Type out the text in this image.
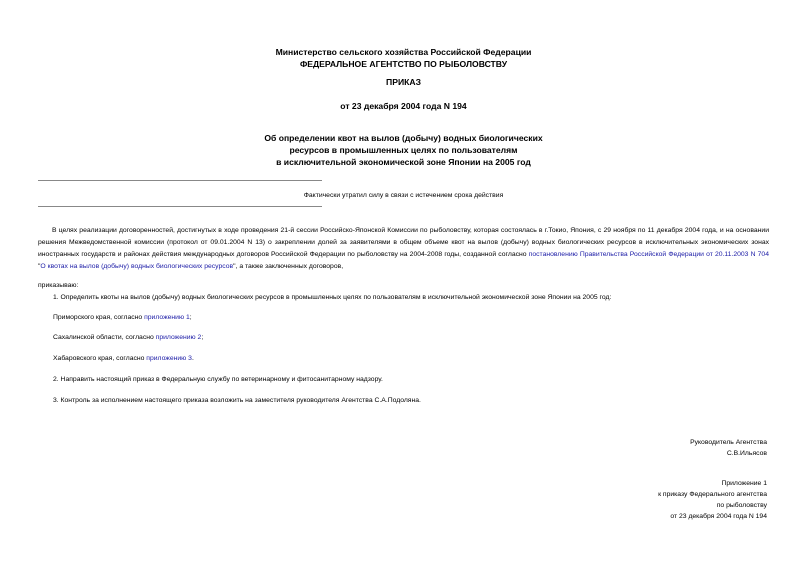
Министерство сельского хозяйства Российской Федерации
ФЕДЕРАЛЬНОЕ АГЕНТСТВО ПО РЫБОЛОВСТВУ
ПРИКАЗ
от 23 декабря 2004 года N 194
Об определении квот на вылов (добычу) водных биологических
ресурсов в промышленных целях по пользователям
в исключительной экономической зоне Японии на 2005 год
Фактически утратил силу в связи с истечением срока действия
В целях реализации договоренностей, достигнутых в ходе проведения 21-й сессии Российско-Японской Комиссии по рыболовству, которая состоялась в г.Токио, Япония, с 29 ноября по 11 декабря 2004 года, и на основании решения Межведомственной комиссии (протокол от 09.01.2004 N 13) о закреплении долей за заявителями в общем объеме квот на вылов (добычу) водных биологических ресурсов в исключительных экономических зонах иностранных государств и районах действия международных договоров Российской Федерации по рыболовству на 2004-2008 годы, созданной согласно постановлению Правительства Российской Федерации от 20.11.2003 N 704 "О квотах на вылов (добычу) водных биологических ресурсов", а также заключенных договоров,
приказываю:
1. Определить квоты на вылов (добычу) водных биологических ресурсов в промышленных целях по пользователям в исключительной экономической зоне Японии на 2005 год:
Приморского края, согласно приложению 1;
Сахалинской области, согласно приложению 2;
Хабаровского края, согласно приложению 3.
2. Направить настоящий приказ в Федеральную службу по ветеринарному и фитосанитарному надзору.
3. Контроль за исполнением настоящего приказа возложить на заместителя руководителя Агентства С.А.Подоляна.
Руководитель Агентства
С.В.Ильясов
Приложение 1
к приказу Федерального агентства
по рыболовству
от 23 декабря 2004 года N 194
